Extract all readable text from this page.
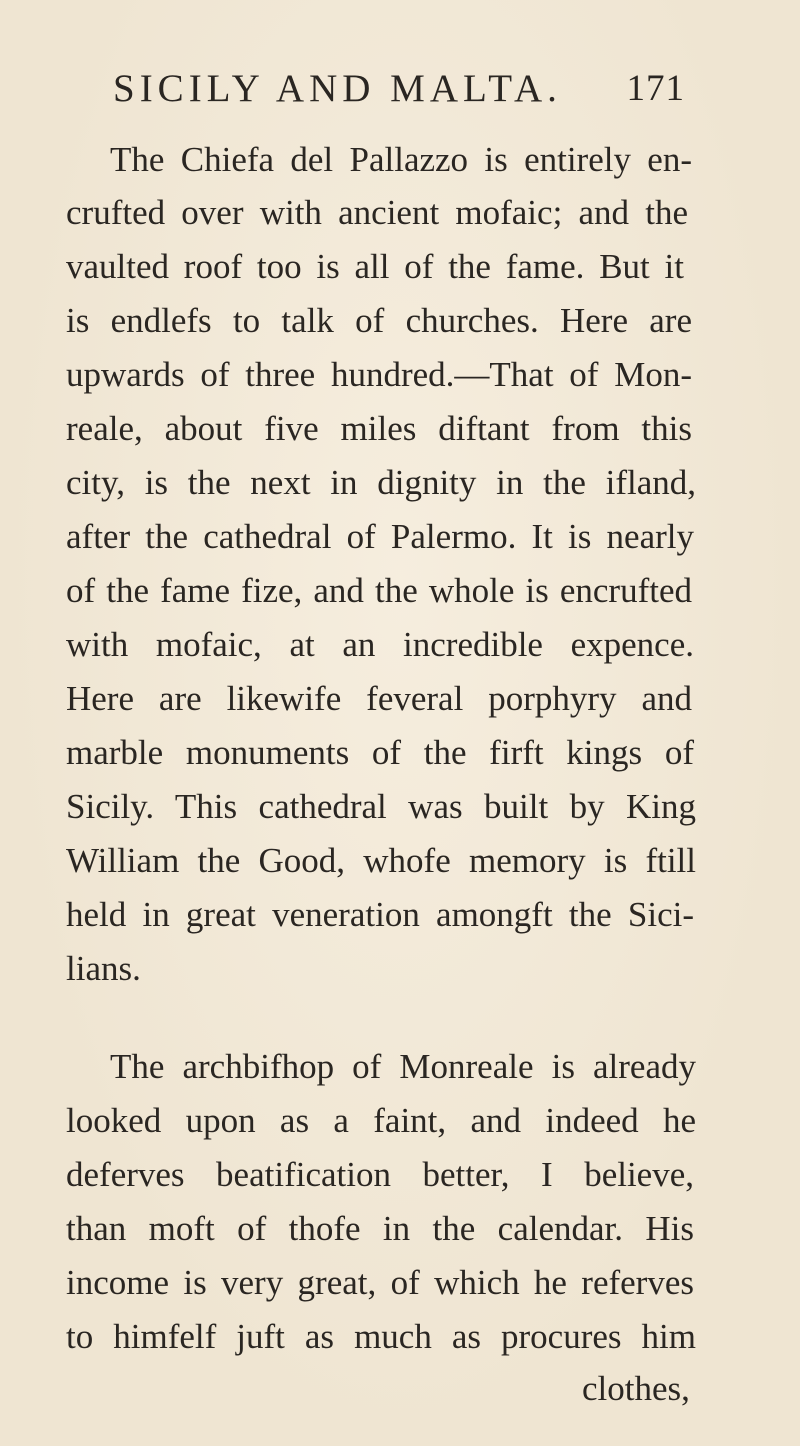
SICILY AND MALTA. 171
The Chiefa del Pallazzo is entirely en-
crufted over with ancient mofaic; and the
vaulted roof too is all of the fame. But it
is endlefs to talk of churches. Here are
upwards of three hundred.—That of Mon-
reale, about five miles diftant from this
city, is the next in dignity in the ifland,
after the cathedral of Palermo. It is nearly
of the fame fize, and the whole is encrufted
with mofaic, at an incredible expence.
Here are likewife feveral porphyry and
marble monuments of the firft kings of
Sicily. This cathedral was built by King
William the Good, whofe memory is ftill
held in great veneration amongft the Sici-
lians.
The archbifhop of Monreale is already
looked upon as a faint, and indeed he
deferves beatification better, I believe,
than moft of thofe in the calendar. His
income is very great, of which he referves
to himfelf juft as much as procures him
clothes,
